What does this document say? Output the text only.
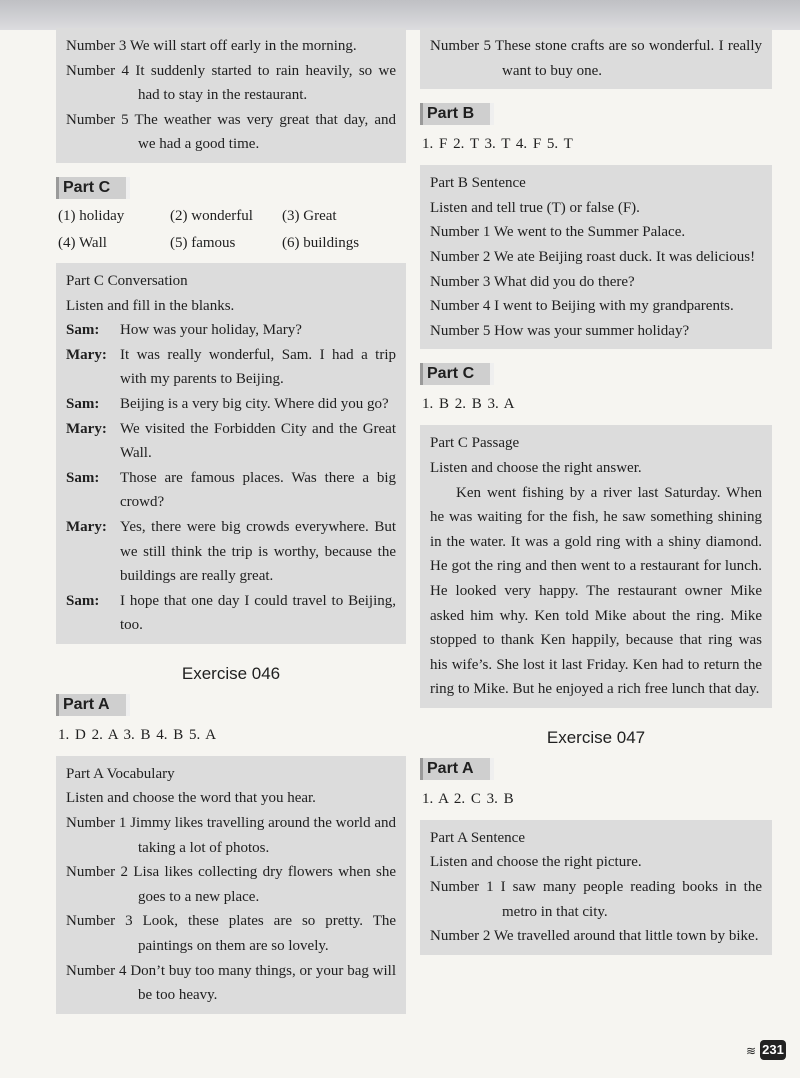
Number 3 We will start off early in the morning.
Number 4 It suddenly started to rain heavily, so we had to stay in the restaurant.
Number 5 The weather was very great that day, and we had a good time.
Part C
(1) holiday	(2) wonderful	(3) Great
(4) Wall	(5) famous	(6) buildings
Part C Conversation
Listen and fill in the blanks.
Sam:	How was your holiday, Mary?
Mary: It was really wonderful, Sam. I had a trip with my parents to Beijing.
Sam:	Beijing is a very big city. Where did you go?
Mary: We visited the Forbidden City and the Great Wall.
Sam:	Those are famous places. Was there a big crowd?
Mary: Yes, there were big crowds everywhere. But we still think the trip is worthy, because the buildings are really great.
Sam:	I hope that one day I could travel to Beijing, too.
Exercise 046
Part A
1. D 2. A 3. B 4. B 5. A
Part A Vocabulary
Listen and choose the word that you hear.
Number 1 Jimmy likes travelling around the world and taking a lot of photos.
Number 2 Lisa likes collecting dry flowers when she goes to a new place.
Number 3 Look, these plates are so pretty. The paintings on them are so lovely.
Number 4 Don’t buy too many things, or your bag will be too heavy.
Number 5 These stone crafts are so wonderful. I really want to buy one.
Part B
1. F 2. T 3. T 4. F 5. T
Part B Sentence
Listen and tell true (T) or false (F).
Number 1 We went to the Summer Palace.
Number 2 We ate Beijing roast duck. It was delicious!
Number 3 What did you do there?
Number 4 I went to Beijing with my grandparents.
Number 5 How was your summer holiday?
Part C
1. B 2. B 3. A
Part C Passage
Listen and choose the right answer.
Ken went fishing by a river last Saturday. When he was waiting for the fish, he saw something shining in the water. It was a gold ring with a shiny diamond. He got the ring and then went to a restaurant for lunch. He looked very happy. The restaurant owner Mike asked him why. Ken told Mike about the ring. Mike stopped to thank Ken happily, because that ring was his wife’s. She lost it last Friday. Ken had to return the ring to Mike. But he enjoyed a rich free lunch that day.
Exercise 047
Part A
1. A 2. C 3. B
Part A Sentence
Listen and choose the right picture.
Number 1 I saw many people reading books in the metro in that city.
Number 2 We travelled around that little town by bike.
≋ 231
